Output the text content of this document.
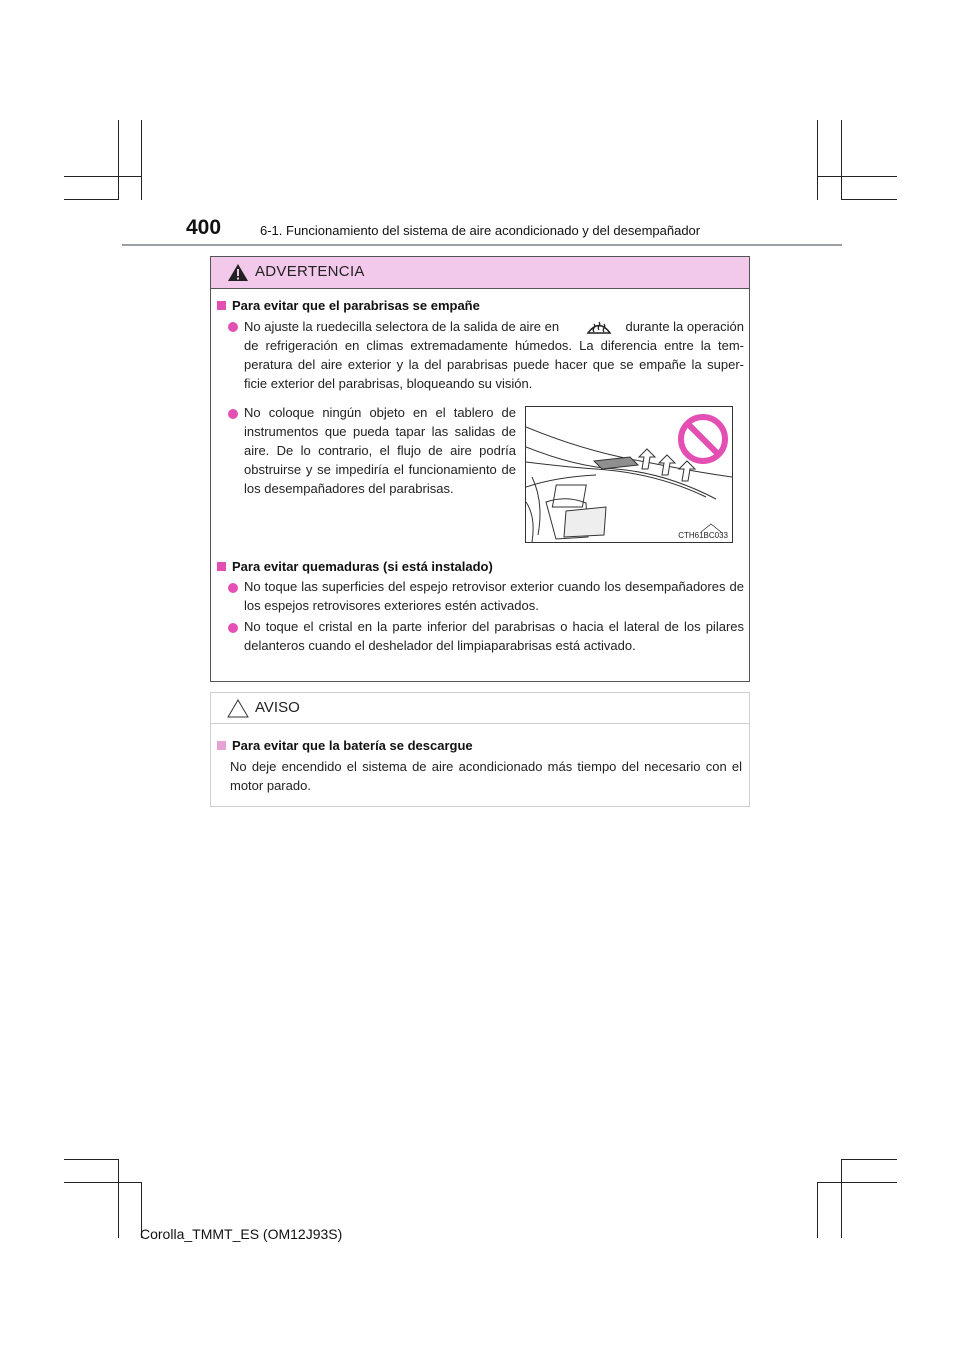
400	6-1. Funcionamiento del sistema de aire acondicionado y del desempañador
ADVERTENCIA
Para evitar que el parabrisas se empañe
No ajuste la ruedecilla selectora de la salida de aire en	durante la operación
de refrigeración en climas extremadamente húmedos. La diferencia entre la tem-
peratura del aire exterior y la del parabrisas puede hacer que se empañe la super-
ficie exterior del parabrisas, bloqueando su visión.
No coloque ningún objeto en el tablero de instrumentos que pueda tapar las salidas de aire. De lo contrario, el flujo de aire podría obstruirse y se impediría el funcionamiento de los desempañadores del parabrisas.
CTH61BC033
Para evitar quemaduras (si está instalado)
No toque las superficies del espejo retrovisor exterior cuando los desempañadores de los espejos retrovisores exteriores estén activados.
No toque el cristal en la parte inferior del parabrisas o hacia el lateral de los pilares delanteros cuando el deshelador del limpiaparabrisas está activado.
AVISO
Para evitar que la batería se descargue
No deje encendido el sistema de aire acondicionado más tiempo del necesario con el motor parado.
Corolla_TMMT_ES (OM12J93S)
